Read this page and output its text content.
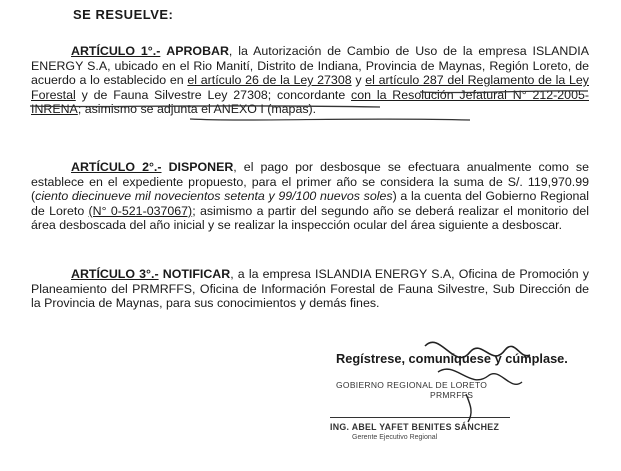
SE RESUELVE:
ARTÍCULO 1°.- APROBAR, la Autorización de Cambio de Uso de la empresa ISLANDIA ENERGY S.A, ubicado en el Rio Manití, Distrito de Indiana, Provincia de Maynas, Región Loreto, de acuerdo a lo establecido en el artículo 26 de la Ley 27308 y el artículo 287 del Reglamento de la Ley Forestal y de Fauna Silvestre Ley 27308; concordante con la Resolución Jefatural N° 212-2005-INRENA; asimismo se adjunta el ANEXO I (mapas).
ARTÍCULO 2°.- DISPONER, el pago por desbosque se efectuara anualmente como se establece en el expediente propuesto, para el primer año se considera la suma de S/. 119,970.99 (ciento diecinueve mil novecientos setenta y 99/100 nuevos soles) a la cuenta del Gobierno Regional de Loreto (N° 0-521-037067); asimismo a partir del segundo año se deberá realizar el monitorio del área desboscada del año inicial y se realizar la inspección ocular del área siguiente a desboscar.
ARTÍCULO 3°.- NOTIFICAR, a la empresa ISLANDIA ENERGY S.A, Oficina de Promoción y Planeamiento del PRMRFFS, Oficina de Información Forestal de Fauna Silvestre, Sub Dirección de la Provincia de Maynas, para sus conocimientos y demás fines.
Regístrese, comuníquese y cúmplase.
GOBIERNO REGIONAL DE LORETO
PRMRFFS
ING. ABEL YAFET BENITES SÁNCHEZ
Gerente Ejecutivo Regional
